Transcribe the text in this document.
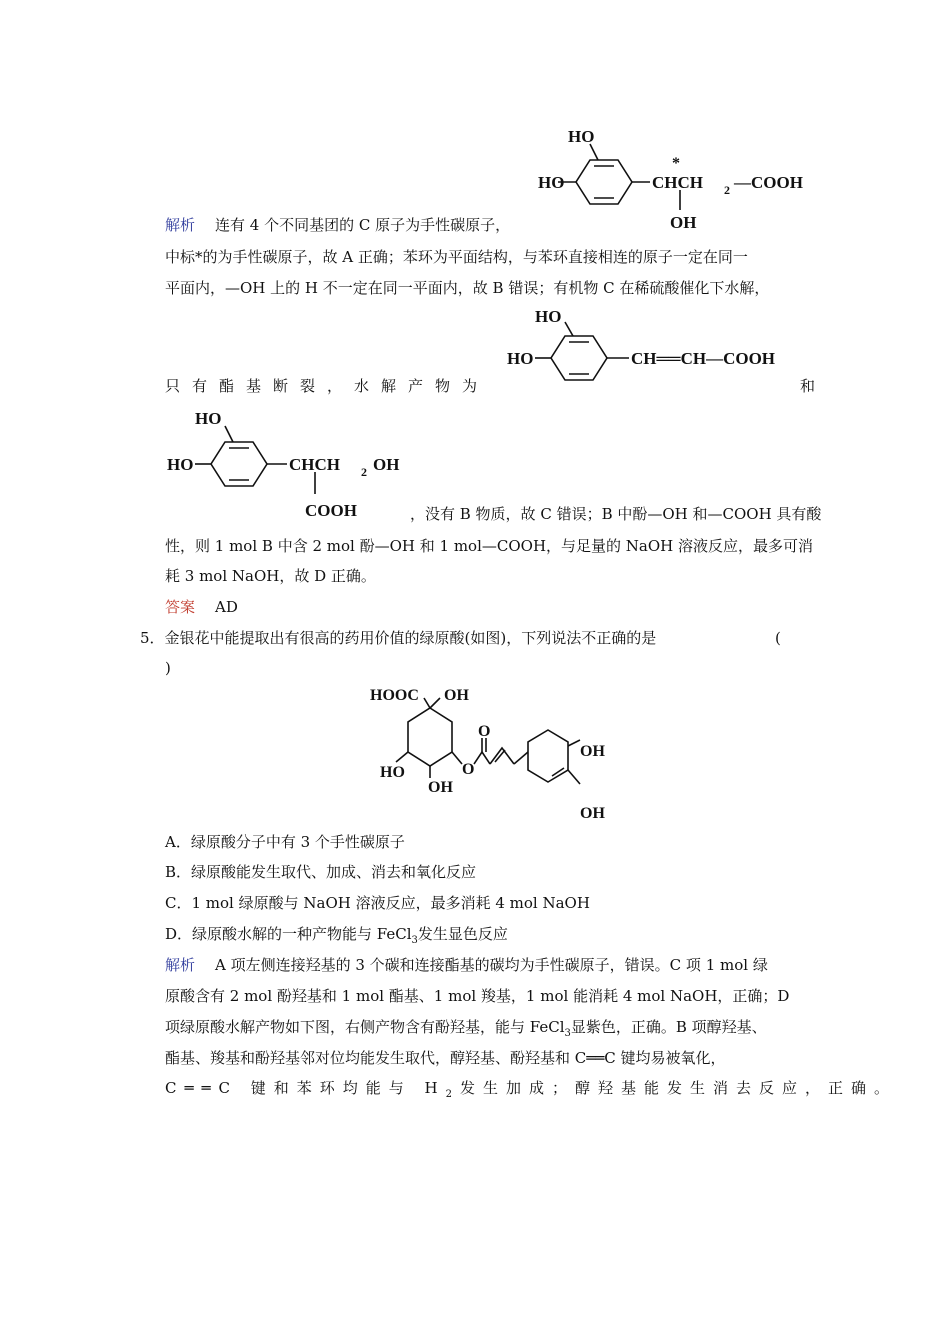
HO
HO
*
CHCH 2 —COOH
OH
解析 连有 4 个不同基团的 C 原子为手性碳原子，
中标*的为手性碳原子，故 A 正确；苯环为平面结构，与苯环直接相连的原子一定在同一
平面内，—OH 上的 H 不一定在同一平面内，故 B 错误；有机物 C 在稀硫酸催化下水解，
HO
HO	CH══CH—COOH
只有酯基断裂，水解产物为	和
HO
HO	CHCH 2 OH
COOH	，没有 B 物质，故 C 错误；B 中酚—OH 和—COOH 具有酸
性，则 1 mol B 中含 2 mol 酚—OH 和 1 mol—COOH，与足量的 NaOH 溶液反应，最多可消
耗 3 mol NaOH，故 D 正确。
答案 AD
5．金银花中能提取出有很高的药用价值的绿原酸(如图)，下列说法不正确的是	(
)
HOOC OH
HO
OH
O
O
OH
OH
A．绿原酸分子中有 3 个手性碳原子
B．绿原酸能发生取代、加成、消去和氧化反应
C．1 mol 绿原酸与 NaOH 溶液反应，最多消耗 4 mol NaOH
D．绿原酸水解的一种产物能与 FeCl$_3$发生显色反应
解析 A 项左侧连接羟基的 3 个碳和连接酯基的碳均为手性碳原子，错误。C 项 1 mol 绿
原酸含有 2 mol 酚羟基和 1 mol 酯基、1 mol 羧基，1 mol 能消耗 4 mol NaOH，正确；D
项绿原酸水解产物如下图，右侧产物含有酚羟基，能与 FeCl$_3$显紫色，正确。B 项醇羟基、
酯基、羧基和酚羟基邻对位均能发生取代，醇羟基、酚羟基和 C══C 键均易被氧化，
C══C 键和苯环均能与 $H_2$发生加成；醇羟基能发生消去反应，正确。
